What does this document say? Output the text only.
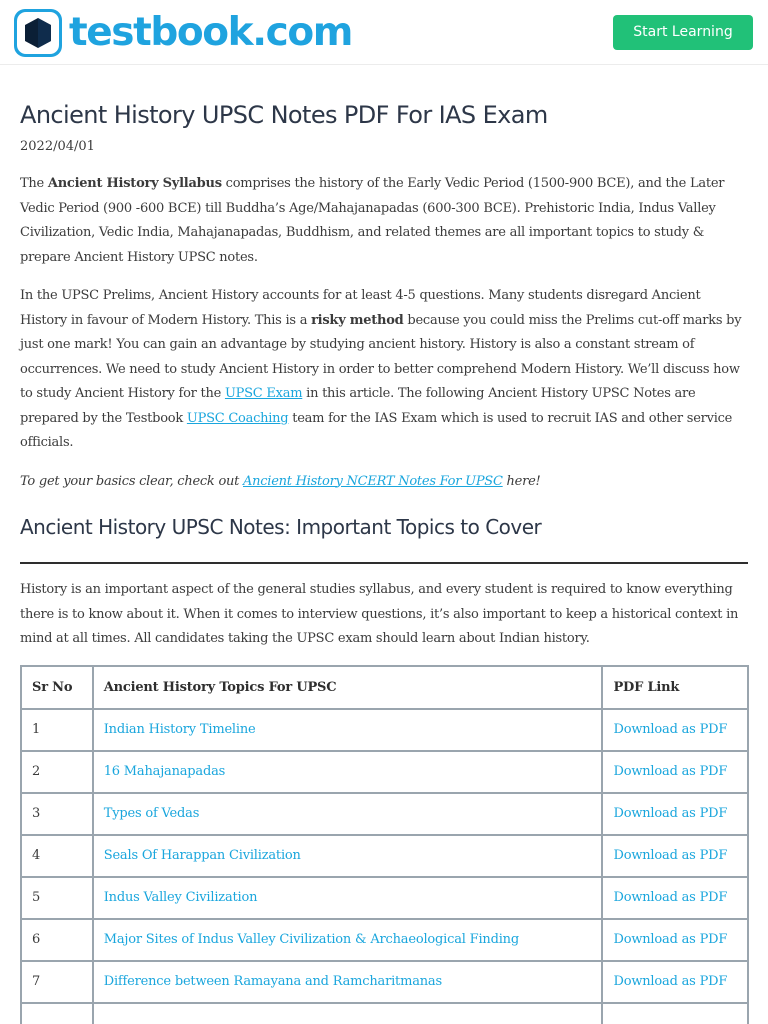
testbook.com	Start Learning
Ancient History UPSC Notes PDF For IAS Exam
2022/04/01

The Ancient History Syllabus comprises the history of the Early Vedic Period (1500-900 BCE), and the Later Vedic Period (900 -600 BCE) till Buddha’s Age/Mahajanapadas (600-300 BCE). Prehistoric India, Indus Valley Civilization, Vedic India, Mahajanapadas, Buddhism, and related themes are all important topics to study & prepare Ancient History UPSC notes.

In the UPSC Prelims, Ancient History accounts for at least 4-5 questions. Many students disregard Ancient History in favour of Modern History. This is a risky method because you could miss the Prelims cut-off marks by just one mark! You can gain an advantage by studying ancient history. History is also a constant stream of occurrences. We need to study Ancient History in order to better comprehend Modern History. We’ll discuss how to study Ancient History for the UPSC Exam in this article. The following Ancient History UPSC Notes are prepared by the Testbook UPSC Coaching team for the IAS Exam which is used to recruit IAS and other service officials.

To get your basics clear, check out Ancient History NCERT Notes For UPSC here!

Ancient History UPSC Notes: Important Topics to Cover

History is an important aspect of the general studies syllabus, and every student is required to know everything there is to know about it. When it comes to interview questions, it’s also important to keep a historical context in mind at all times. All candidates taking the UPSC exam should learn about Indian history.

Sr No	Ancient History Topics For UPSC	PDF Link
1	Indian History Timeline	Download as PDF
2	16 Mahajanapadas	Download as PDF
3	Types of Vedas	Download as PDF
4	Seals Of Harappan Civilization	Download as PDF
5	Indus Valley Civilization	Download as PDF
6	Major Sites of Indus Valley Civilization & Archaeological Finding	Download as PDF
7	Difference between Ramayana and Ramcharitmanas	Download as PDF
